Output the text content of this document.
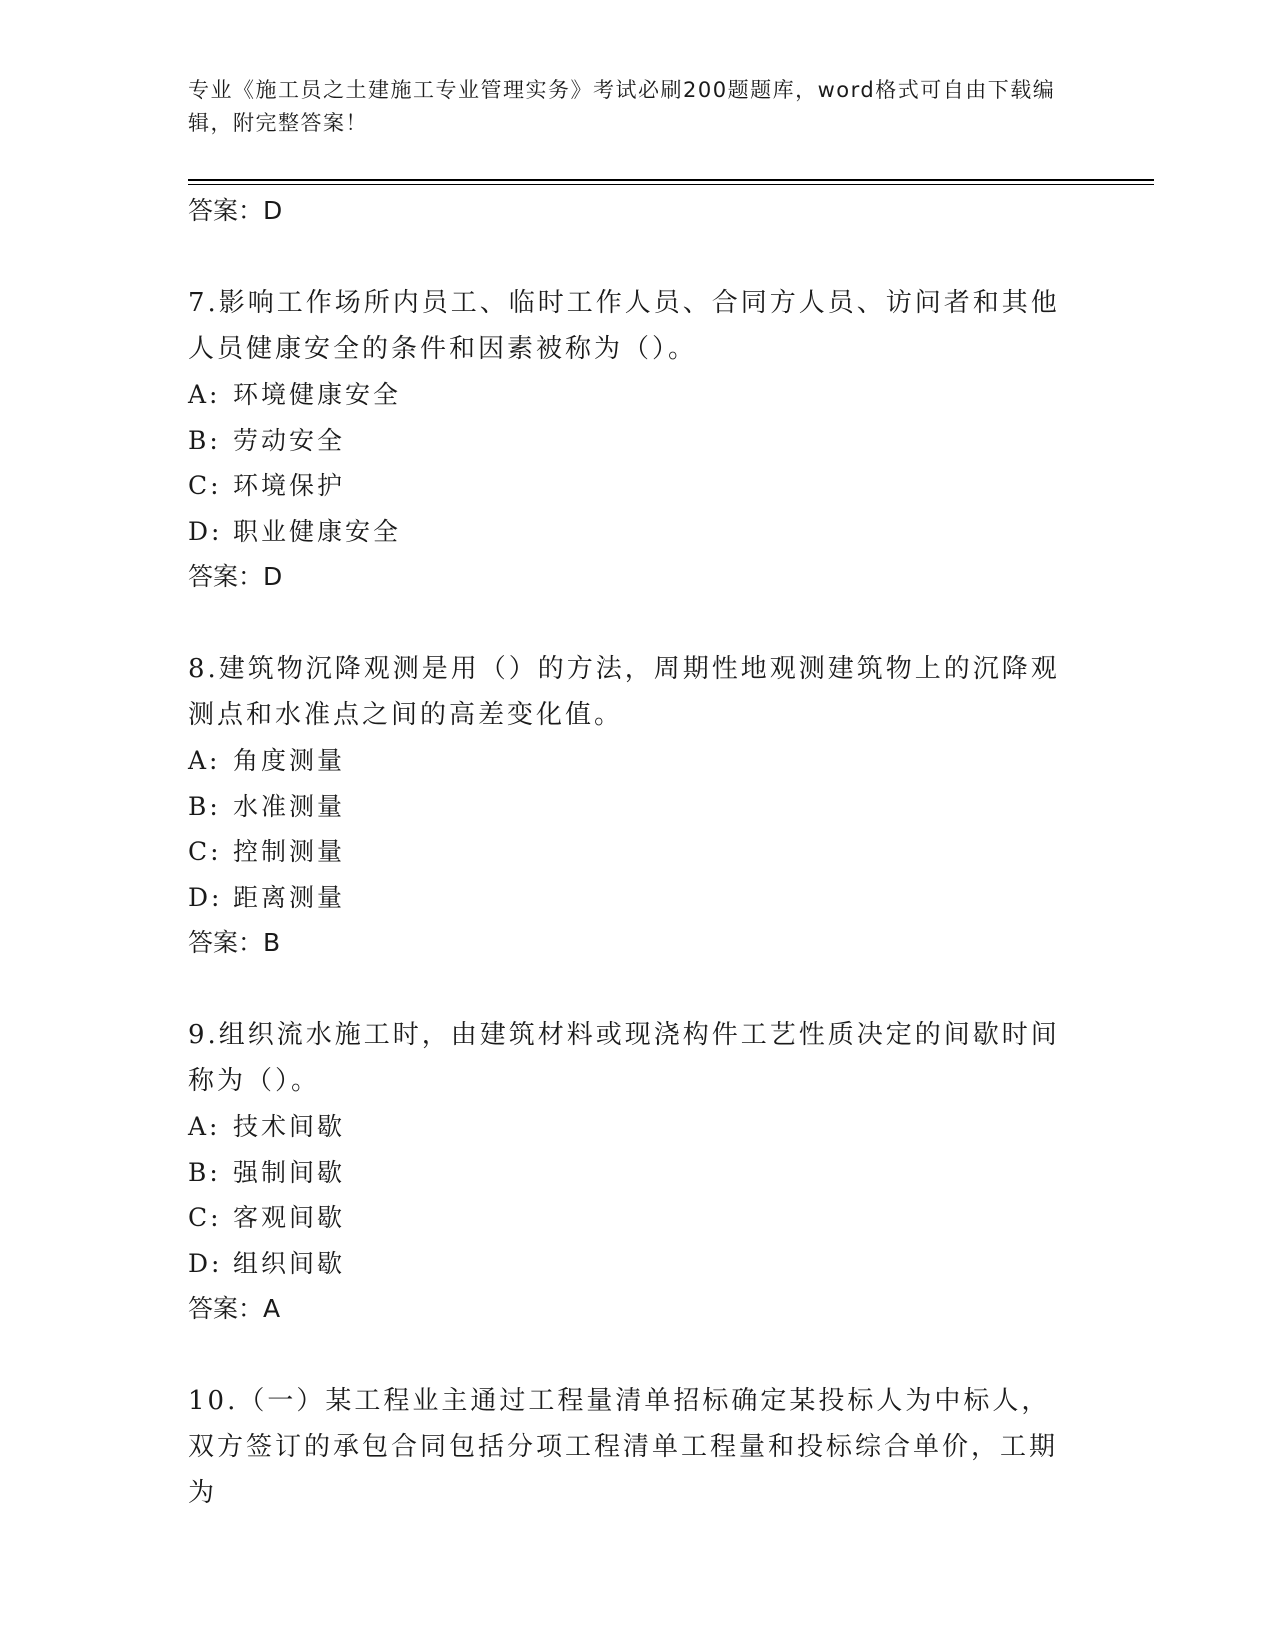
专业《施工员之土建施工专业管理实务》考试必刷200题题库，word格式可自由下载编辑，附完整答案！

答案：D

7.影响工作场所内员工、临时工作人员、合同方人员、访问者和其他人员健康安全的条件和因素被称为（）。

A: 环境健康安全

B: 劳动安全

C: 环境保护

D: 职业健康安全

答案：D

8.建筑物沉降观测是用（）的方法，周期性地观测建筑物上的沉降观测点和水准点之间的高差变化值。

A: 角度测量

B: 水准测量

C: 控制测量

D: 距离测量

答案：B

9.组织流水施工时，由建筑材料或现浇构件工艺性质决定的间歇时间称为（）。

A: 技术间歇

B: 强制间歇

C: 客观间歇

D: 组织间歇

答案：A

10.（一）某工程业主通过工程量清单招标确定某投标人为中标人，双方签订的承包合同包括分项工程清单工程量和投标综合单价，工期为
